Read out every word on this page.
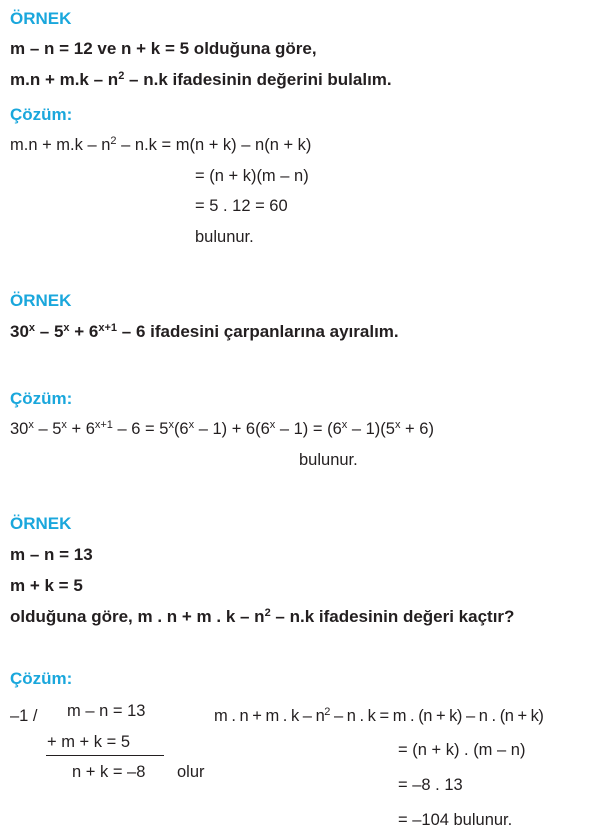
ÖRNEK
m – n = 12 ve n + k = 5 olduğuna göre,
$m.n + m.k - n^2 - n.k$ ifadesinin değerini bulalım.
Çözüm:
$m.n + m.k - n^2 - n.k = m(n + k) - n(n + k)$
= (n + k)(m – n)
= 5 . 12 = 60
bulunur.
ÖRNEK
$30^x - 5^x + 6^{x+1} - 6$ ifadesini çarpanlarına ayıralım.
Çözüm:
$30^x - 5^x + 6^{x+1} - 6 = 5^x(6^x - 1) + 6(6^x - 1) = (6^x - 1)(5^x + 6)$
bulunur.
ÖRNEK
m – n = 13
m + k = 5
olduğuna göre, m . n + m . k – $n^2 - n.k$ ifadesinin değeri kaçtır?
Çözüm:
–1 / m – n = 13
+ m + k = 5
n + k = –8 olur
m . n + m . k – $n^2$ – n . k = m . (n + k) – n . (n + k)
= (n + k) . (m – n)
= –8 . 13
= –104 bulunur.
